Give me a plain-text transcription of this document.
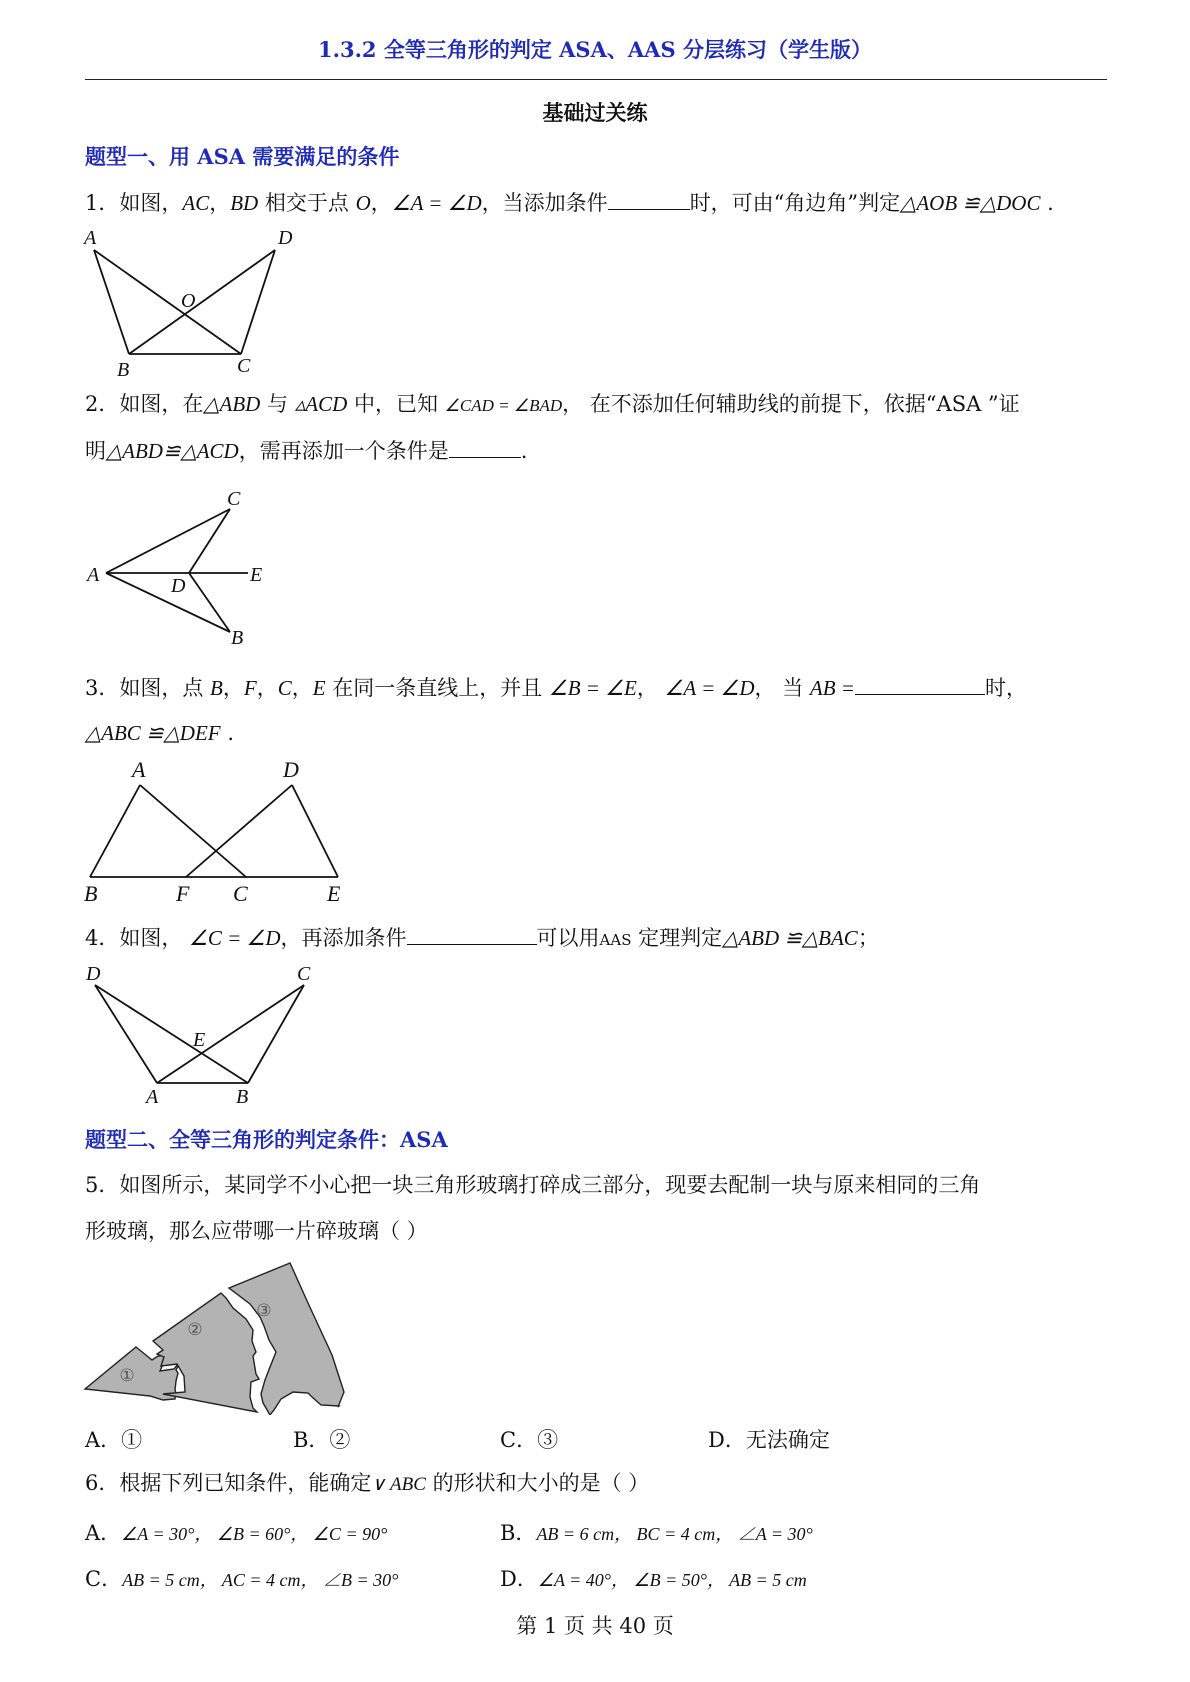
1.3.2 全等三角形的判定 ASA、AAS 分层练习（学生版）
基础过关练
题型一、用 ASA 需要满足的条件
1．如图，AC，BD 相交于点 O，∠A = ∠D，当添加条件	时，可由“角边角”判定△AOB ≌△DOC .
A	D
O
B	C
2．如图，在△ABD 与 ▵ACD 中，已知 ∠CAD = ∠BAD， 在不添加任何辅助线的前提下，依据“ASA ”证
明△ABD≌△ACD，需再添加一个条件是	.
C
A	D	E
B
3．如图，点 B，F，C，E 在同一条直线上，并且 ∠B = ∠E， ∠A = ∠D， 当 AB =	时，
△ABC ≌△DEF .
A	D
B	F C	E
4．如图， ∠C = ∠D，再添加条件	可以用AAS 定理判定△ABD ≌△BAC；
D	C
E
A	B
题型二、全等三角形的判定条件：ASA
5．如图所示，某同学不小心把一块三角形玻璃打碎成三部分，现要去配制一块与原来相同的三角
形玻璃，那么应带哪一片碎玻璃（ ）
①
②
③
A．①	B．②	C．③	D．无法确定
6．根据下列已知条件，能确定∨ ABC 的形状和大小的是（ ）
A．∠A = 30°， ∠B = 60°， ∠C = 90°	B．AB = 6 cm， BC = 4 cm， ∠A = 30°
C．AB = 5 cm， AC = 4 cm， ∠B = 30°	D．∠A = 40°， ∠B = 50°， AB = 5 cm
第 1 页 共 40 页
